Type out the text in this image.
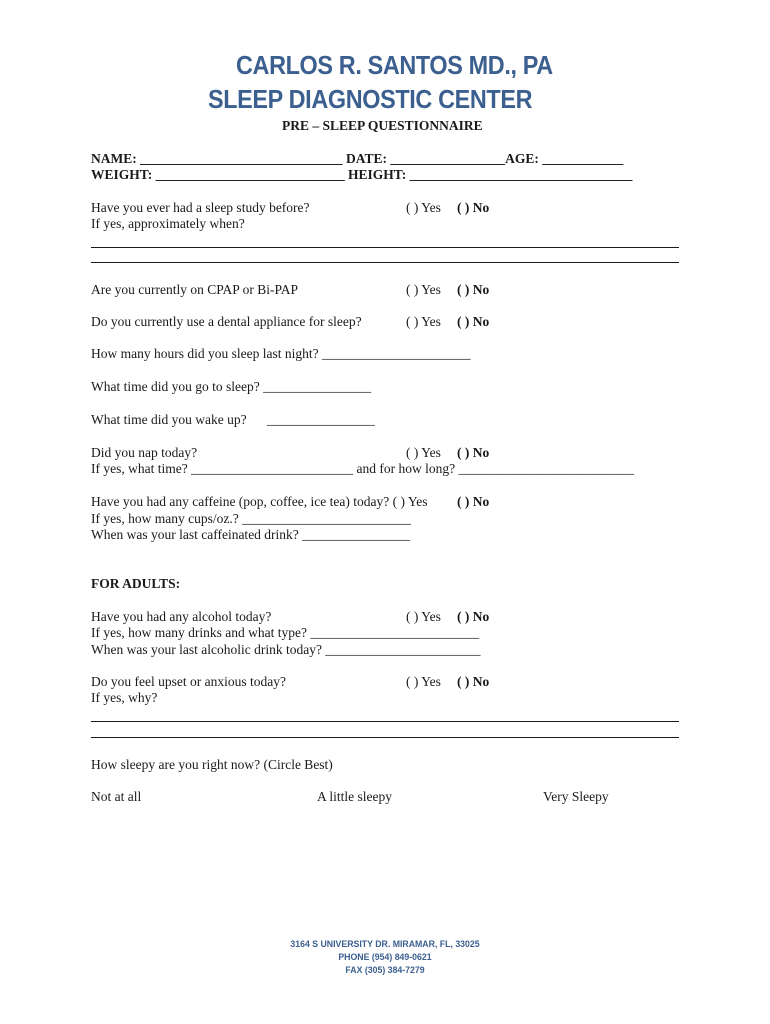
CARLOS R. SANTOS MD., PA
SLEEP DIAGNOSTIC CENTER
PRE – SLEEP QUESTIONNAIRE
NAME: ______________________________ DATE: _________________AGE: ____________
WEIGHT: ____________________________ HEIGHT: _________________________________
Have you ever had a sleep study before?	( ) Yes ( ) No
If yes, approximately when?
Are you currently on CPAP or Bi-PAP	( ) Yes ( ) No
Do you currently use a dental appliance for sleep?	( ) Yes ( ) No
How many hours did you sleep last night? ______________________
What time did you go to sleep? ________________
What time did you wake up?      ________________
Did you nap today?	( ) Yes ( ) No
If yes, what time? ________________________ and for how long? __________________________
Have you had any caffeine (pop, coffee, ice tea) today? ( ) Yes ( ) No
If yes, how many cups/oz.? _________________________
When was your last caffeinated drink? ________________
FOR ADULTS:
Have you had any alcohol today?	( ) Yes ( ) No
If yes, how many drinks and what type? _________________________
When was your last alcoholic drink today? _______________________
Do you feel upset or anxious today?	( ) Yes ( ) No
If yes, why?
How sleepy are you right now? (Circle Best)
Not at all	A little sleepy	Very Sleepy
3164 S UNIVERSITY DR. MIRAMAR, FL, 33025
PHONE (954) 849-0621
FAX (305) 384-7279
